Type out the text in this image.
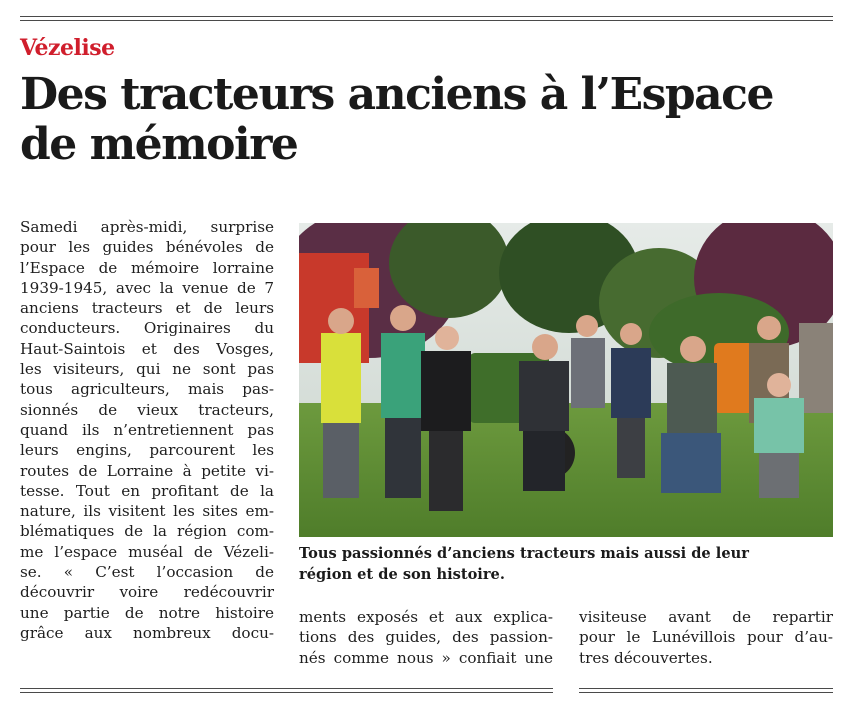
Vézelise
Des tracteurs anciens à l’Espace
de mémoire
Samedi après-midi, surprise
pour les guides bénévoles de
l’Espace de mémoire lorraine
1939-1945, avec la venue de 7
anciens tracteurs et de leurs
conducteurs. Originaires du
Haut-Saintois et des Vosges,
les visiteurs, qui ne sont pas
tous agriculteurs, mais pas-
sionnés de vieux tracteurs,
quand ils n’entretiennent pas
leurs engins, parcourent les
routes de Lorraine à petite vi-
tesse. Tout en profitant de la
nature, ils visitent les sites em-
blématiques de la région com-
me l’espace muséal de Vézeli-
se. « C’est l’occasion de
découvrir voire redécouvrir
une partie de notre histoire
grâce aux nombreux docu-
Tous passionnés d’anciens tracteurs mais aussi de leur
région et de son histoire.
ments exposés et aux explica-
tions des guides, des passion-
nés comme nous » confiait une
visiteuse avant de repartir
pour le Lunévillois pour d’au-
tres découvertes.
